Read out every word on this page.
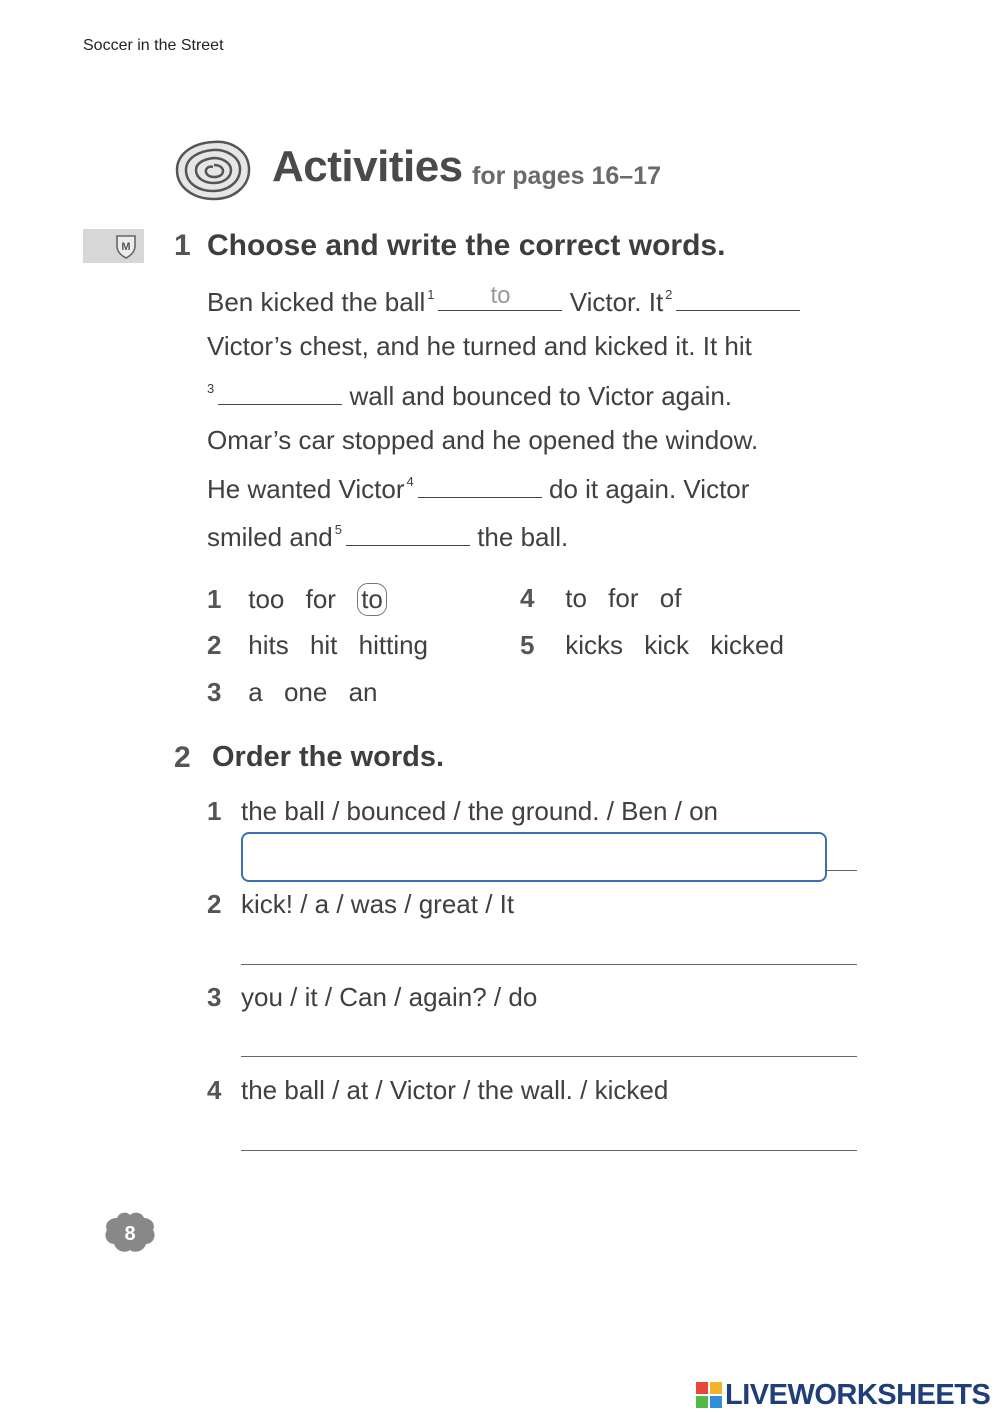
Soccer in the Street
Activities for pages 16–17
M 1 Choose and write the correct words.
Ben kicked the ball $^1$	to	Victor. It $^2$
Victor’s chest, and he turned and kicked it. It hit
$^3$	wall and bounced to Victor again.
Omar’s car stopped and he opened the window.
He wanted Victor $^4$	do it again. Victor
smiled and $^5$	the ball.
1 too for to
2 hits hit hitting
3 a one an
4 to for of
5 kicks kick kicked
2 Order the words.
1 the ball / bounced / the ground. / Ben / on
2 kick! / a / was / great / It
3 you / it / Can / again? / do
4 the ball / at / Victor / the wall. / kicked
8
LIVEWORKSHEETS
